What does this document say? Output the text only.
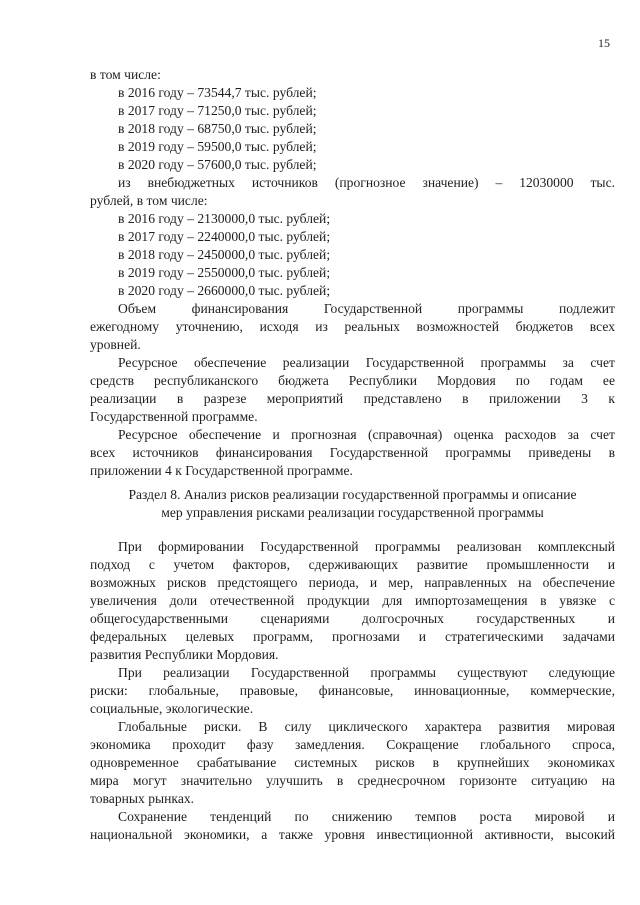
15
в том числе:
в 2016 году – 73544,7 тыс. рублей;
в 2017 году – 71250,0 тыс. рублей;
в 2018 году – 68750,0 тыс. рублей;
в 2019 году – 59500,0 тыс. рублей;
в 2020 году – 57600,0 тыс. рублей;
из внебюджетных источников (прогнозное значение) – 12030000 тыс.
рублей, в том числе:
в 2016 году – 2130000,0 тыс. рублей;
в 2017 году – 2240000,0 тыс. рублей;
в 2018 году – 2450000,0 тыс. рублей;
в 2019 году – 2550000,0 тыс. рублей;
в 2020 году – 2660000,0 тыс. рублей;
Объем финансирования Государственной программы подлежит
ежегодному уточнению, исходя из реальных возможностей бюджетов всех
уровней.
Ресурсное обеспечение реализации Государственной программы за счет
средств республиканского бюджета Республики Мордовия по годам ее
реализации в разрезе мероприятий представлено в приложении 3 к
Государственной программе.
Ресурсное обеспечение и прогнозная (справочная) оценка расходов за счет
всех источников финансирования Государственной программы приведены в
приложении 4 к Государственной программе.
Раздел 8. Анализ рисков реализации государственной программы и описание
мер управления рисками реализации государственной программы
При формировании Государственной программы реализован комплексный
подход с учетом факторов, сдерживающих развитие промышленности и
возможных рисков предстоящего периода, и мер, направленных на обеспечение
увеличения доли отечественной продукции для импортозамещения в увязке с
общегосударственными сценариями долгосрочных государственных и
федеральных целевых программ, прогнозами и стратегическими задачами
развития Республики Мордовия.
При реализации Государственной программы существуют следующие
риски: глобальные, правовые, финансовые, инновационные, коммерческие,
социальные, экологические.
Глобальные риски. В силу циклического характера развития мировая
экономика проходит фазу замедления. Сокращение глобального спроса,
одновременное срабатывание системных рисков в крупнейших экономиках
мира могут значительно улучшить в среднесрочном горизонте ситуацию на
товарных рынках.
Сохранение тенденций по снижению темпов роста мировой и
национальной экономики, а также уровня инвестиционной активности, высокий
